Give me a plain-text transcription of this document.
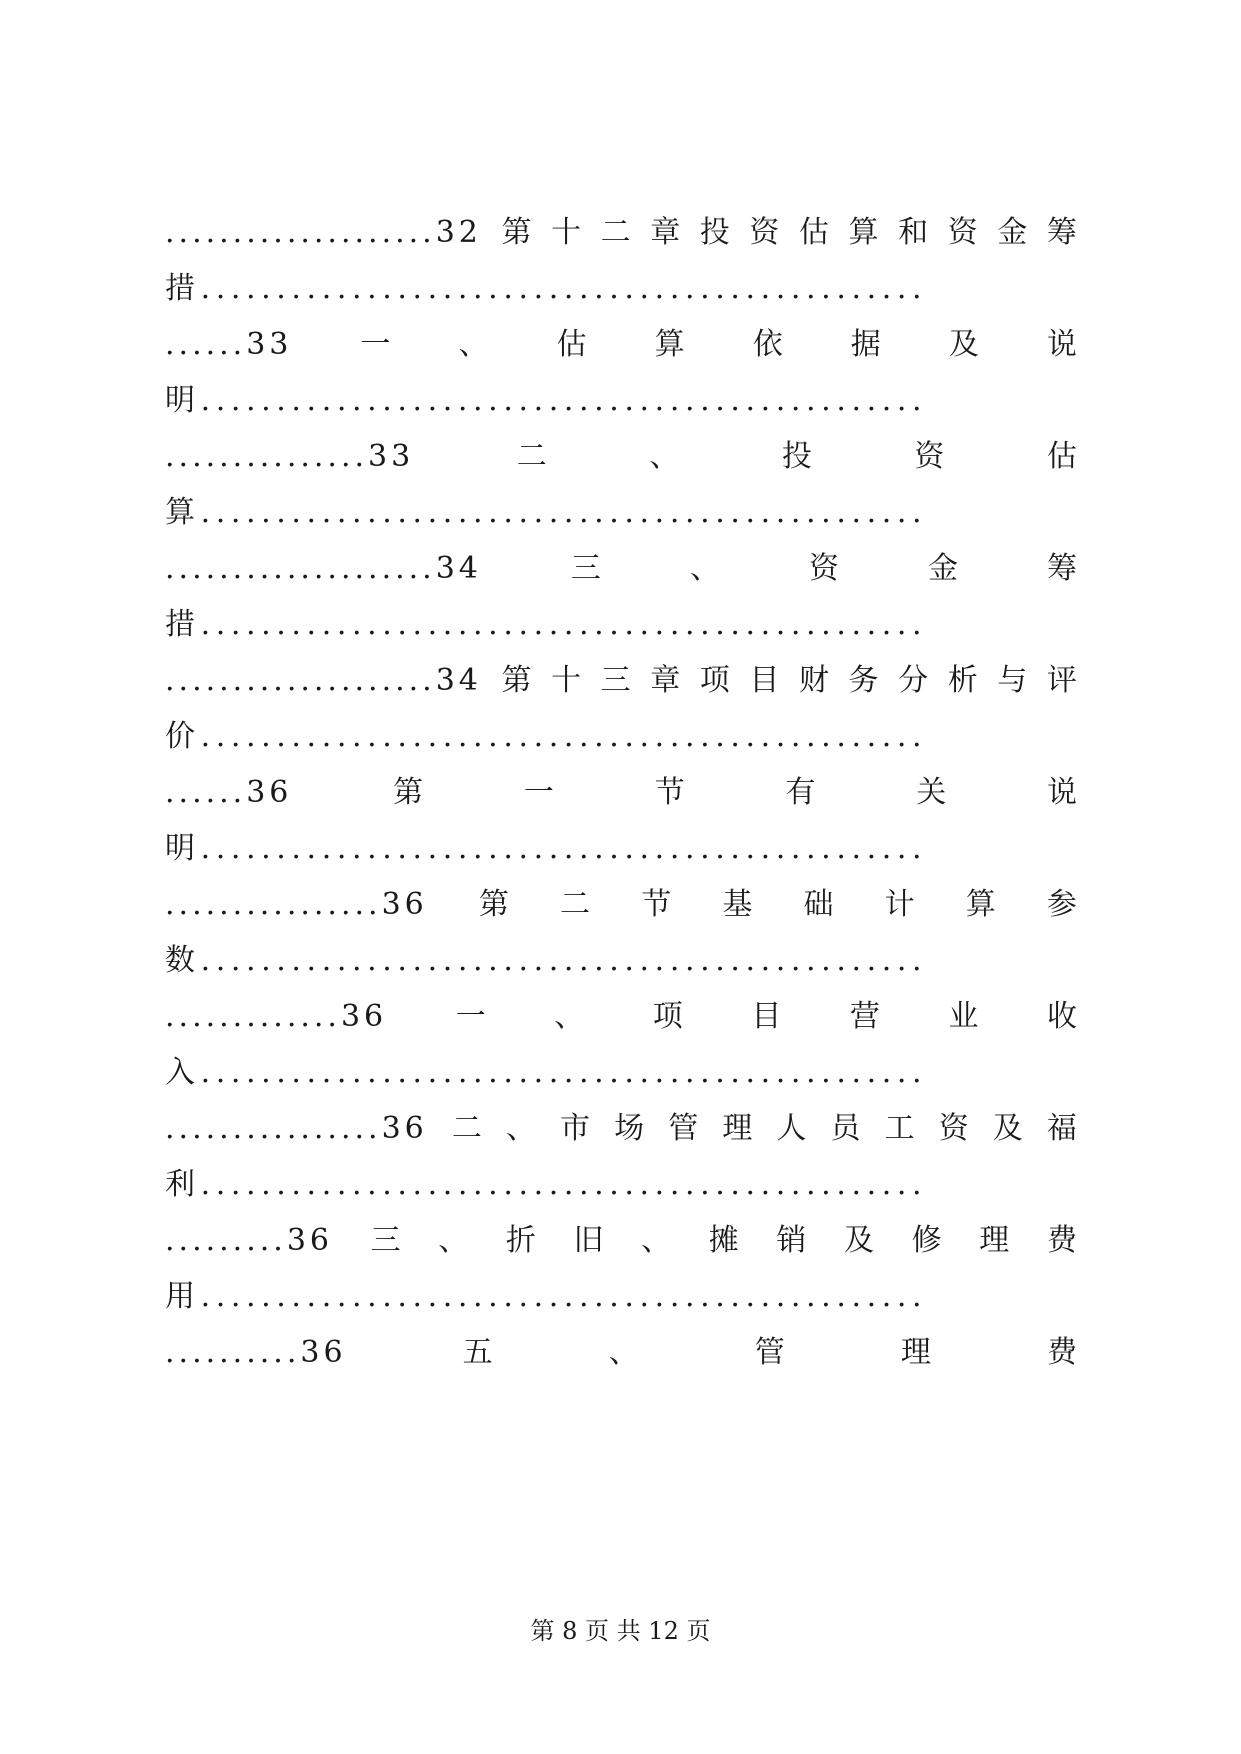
....................32 第 十 二 章 投 资 估 算 和 资 金 筹
措................................................
......33 一 、 估 算 依 据 及 说
明................................................
...............33	二	、	投	资	估
算................................................
....................34	三	、	资	金	筹
措................................................
....................34 第 十 三 章 项 目 财 务 分 析 与 评
价................................................
......36	第	一	节	有	关	说
明................................................
................36 第 二 节 基 础 计 算 参
数................................................
.............36 一 、 项 目 营 业 收
入................................................
................36 二 、 市 场 管 理 人 员 工 资 及 福
利................................................
.........36 三 、 折 旧 、 摊 销 及 修 理 费
用................................................
..........36	五	、	管	理	费
第 8 页 共 12 页
